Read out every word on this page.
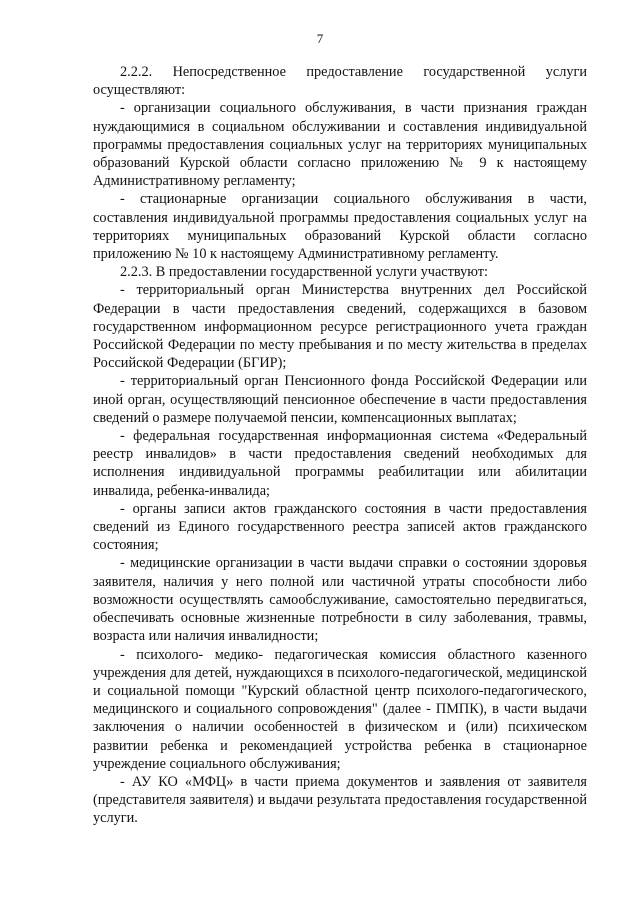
7

2.2.2. Непосредственное предоставление государственной услуги осуществляют:

- организации социального обслуживания, в части признания граждан нуждающимися в социальном обслуживании и составления индивидуальной программы предоставления социальных услуг на территориях муниципальных образований Курской области согласно приложению № 9 к настоящему Административному регламенту;

- стационарные организации социального обслуживания в части, составления индивидуальной программы предоставления социальных услуг на территориях муниципальных образований Курской области согласно приложению № 10 к настоящему Административному регламенту.

2.2.3. В предоставлении государственной услуги участвуют:

- территориальный орган Министерства внутренних дел Российской Федерации в части предоставления сведений, содержащихся в базовом государственном информационном ресурсе регистрационного учета граждан Российской Федерации по месту пребывания и по месту жительства в пределах Российской Федерации (БГИР);

- территориальный орган Пенсионного фонда Российской Федерации или иной орган, осуществляющий пенсионное обеспечение в части предоставления сведений о размере получаемой пенсии, компенсационных выплатах;

- федеральная государственная информационная система «Федеральный реестр инвалидов» в части предоставления сведений необходимых для исполнения индивидуальной программы реабилитации или абилитации инвалида, ребенка-инвалида;

- органы записи актов гражданского состояния в части предоставления сведений из Единого государственного реестра записей актов гражданского состояния;

- медицинские организации в части выдачи справки о состоянии здоровья заявителя, наличия у него полной или частичной утраты способности либо возможности осуществлять самообслуживание, самостоятельно передвигаться, обеспечивать основные жизненные потребности в силу заболевания, травмы, возраста или наличия инвалидности;

- психолого- медико- педагогическая комиссия областного казенного учреждения для детей, нуждающихся в психолого-педагогической, медицинской и социальной помощи "Курский областной центр психолого-педагогического, медицинского и социального сопровождения" (далее - ПМПК), в части выдачи заключения о наличии особенностей в физическом и (или) психическом развитии ребенка и рекомендацией устройства ребенка в стационарное учреждение социального обслуживания;

- АУ КО «МФЦ» в части приема документов и заявления от заявителя (представителя заявителя) и выдачи результата предоставления государственной услуги.
